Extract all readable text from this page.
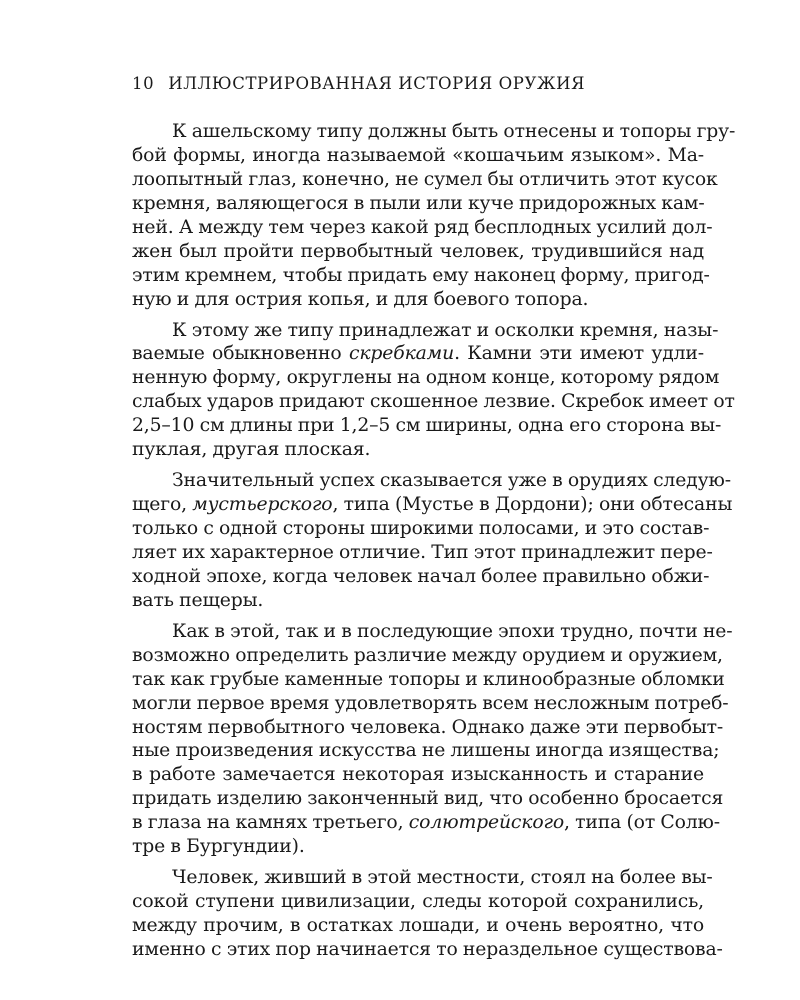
10 ИЛЛЮСТРИРОВАННАЯ ИСТОРИЯ ОРУЖИЯ
К ашельскому типу должны быть отнесены и топоры гру-
бой формы, иногда называемой «кошачьим языком». Ма-
лоопытный глаз, конечно, не сумел бы отличить этот кусок
кремня, валяющегося в пыли или куче придорожных кам-
ней. А между тем через какой ряд бесплодных усилий дол-
жен был пройти первобытный человек, трудившийся над
этим кремнем, чтобы придать ему наконец форму, пригод-
ную и для острия копья, и для боевого топора.
К этому же типу принадлежат и осколки кремня, назы-
ваемые обыкновенно скребками. Камни эти имеют удли-
ненную форму, округлены на одном конце, которому рядом
слабых ударов придают скошенное лезвие. Скребок имеет от
2,5–10 см длины при 1,2–5 см ширины, одна его сторона вы-
пуклая, другая плоская.
Значительный успех сказывается уже в орудиях следую-
щего, мустьерского, типа (Мустье в Дордони); они обтесаны
только с одной стороны широкими полосами, и это состав-
ляет их характерное отличие. Тип этот принадлежит пере-
ходной эпохе, когда человек начал более правильно обжи-
вать пещеры.
Как в этой, так и в последующие эпохи трудно, почти не-
возможно определить различие между орудием и оружием,
так как грубые каменные топоры и клинообразные обломки
могли первое время удовлетворять всем несложным потреб-
ностям первобытного человека. Однако даже эти первобыт-
ные произведения искусства не лишены иногда изящества;
в работе замечается некоторая изысканность и старание
придать изделию законченный вид, что особенно бросается
в глаза на камнях третьего, солютрейского, типа (от Солю-
тре в Бургундии).
Человек, живший в этой местности, стоял на более вы-
сокой ступени цивилизации, следы которой сохранились,
между прочим, в остатках лошади, и очень вероятно, что
именно с этих пор начинается то нераздельное существова-
